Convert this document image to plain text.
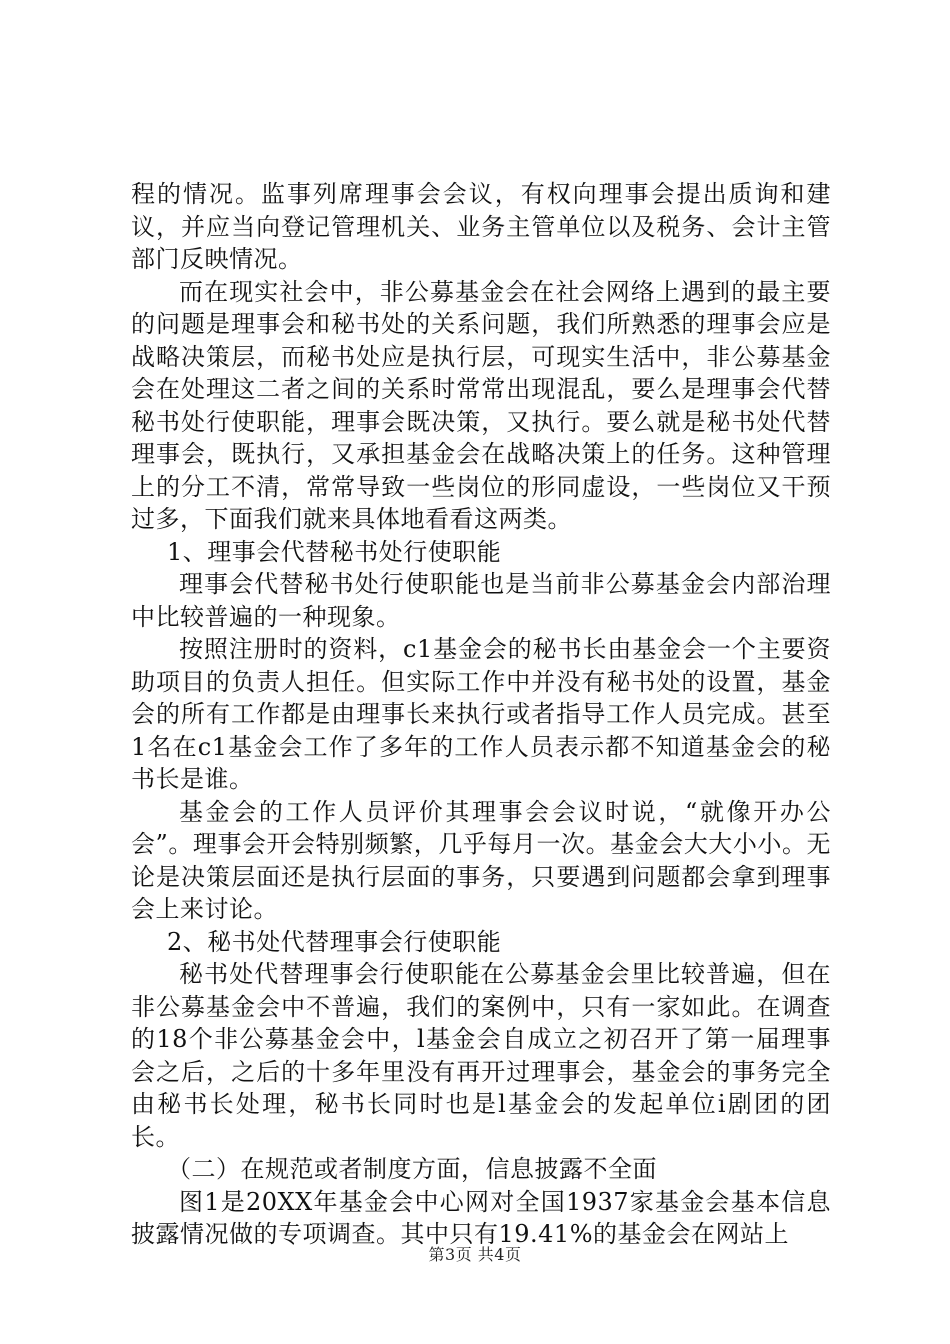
程的情况。监事列席理事会会议，有权向理事会提出质询和建议，并应当向登记管理机关、业务主管单位以及税务、会计主管部门反映情况。

而在现实社会中，非公募基金会在社会网络上遇到的最主要的问题是理事会和秘书处的关系问题，我们所熟悉的理事会应是战略决策层，而秘书处应是执行层，可现实生活中，非公募基金会在处理这二者之间的关系时常常出现混乱，要么是理事会代替秘书处行使职能，理事会既决策，又执行。要么就是秘书处代替理事会，既执行，又承担基金会在战略决策上的任务。这种管理上的分工不清，常常导致一些岗位的形同虚设，一些岗位又干预过多，下面我们就来具体地看看这两类。

1、理事会代替秘书处行使职能

理事会代替秘书处行使职能也是当前非公募基金会内部治理中比较普遍的一种现象。

按照注册时的资料，c1基金会的秘书长由基金会一个主要资助项目的负责人担任。但实际工作中并没有秘书处的设置，基金会的所有工作都是由理事长来执行或者指导工作人员完成。甚至1名在c1基金会工作了多年的工作人员表示都不知道基金会的秘书长是谁。

基金会的工作人员评价其理事会会议时说，“就像开办公会”。理事会开会特别频繁，几乎每月一次。基金会大大小小。无论是决策层面还是执行层面的事务，只要遇到问题都会拿到理事会上来讨论。

2、秘书处代替理事会行使职能

秘书处代替理事会行使职能在公募基金会里比较普遍，但在非公募基金会中不普遍，我们的案例中，只有一家如此。在调查的18个非公募基金会中，l基金会自成立之初召开了第一届理事会之后，之后的十多年里没有再开过理事会，基金会的事务完全由秘书长处理，秘书长同时也是l基金会的发起单位i剧团的团长。

（二）在规范或者制度方面，信息披露不全面

图1是20XX年基金会中心网对全国1937家基金会基本信息披露情况做的专项调查。其中只有19.41%的基金会在网站上

第3页 共4页
